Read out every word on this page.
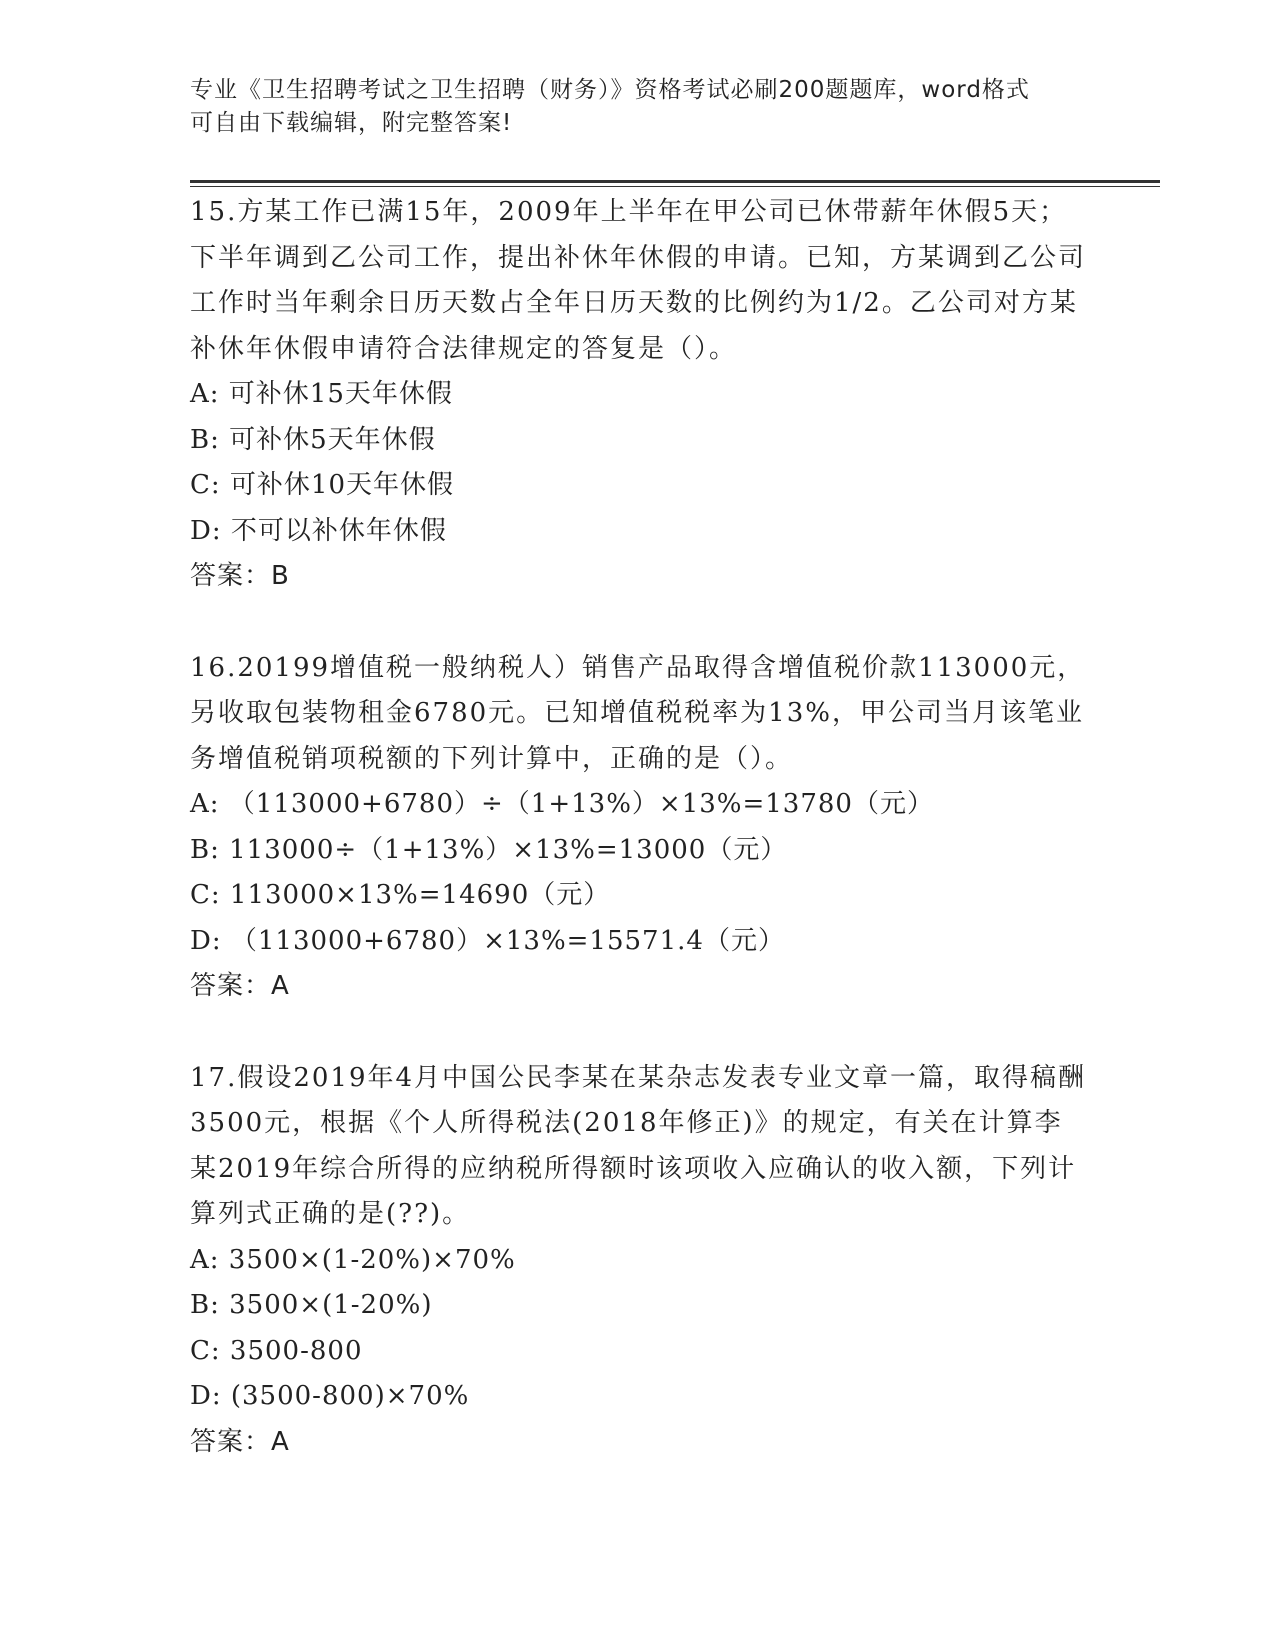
专业《卫生招聘考试之卫生招聘（财务）》资格考试必刷200题题库，word格式
可自由下载编辑，附完整答案!

15.方某工作已满15年，2009年上半年在甲公司已休带薪年休假5天；下半年调到乙公司工作，提出补休年休假的申请。已知，方某调到乙公司工作时当年剩余日历天数占全年日历天数的比例约为1/2。乙公司对方某补休年休假申请符合法律规定的答复是（）。

A: 可补休15天年休假

B: 可补休5天年休假

C: 可补休10天年休假

D: 不可以补休年休假

答案：B

16.20199增值税一般纳税人）销售产品取得含增值税价款113000元，另收取包装物租金6780元。已知增值税税率为13%，甲公司当月该笔业务增值税销项税额的下列计算中，正确的是（）。

A: （113000+6780）÷（1+13%）×13%=13780（元）

B: 113000÷（1+13%）×13%=13000（元）

C: 113000×13%=14690（元）

D: （113000+6780）×13%=15571.4（元）

答案：A

17.假设2019年4月中国公民李某在某杂志发表专业文章一篇，取得稿酬3500元，根据《个人所得税法(2018年修正)》的规定，有关在计算李某2019年综合所得的应纳税所得额时该项收入应确认的收入额，下列计算列式正确的是(??)。

A: 3500×(1-20%)×70%

B: 3500×(1-20%)

C: 3500-800

D: (3500-800)×70%

答案：A
